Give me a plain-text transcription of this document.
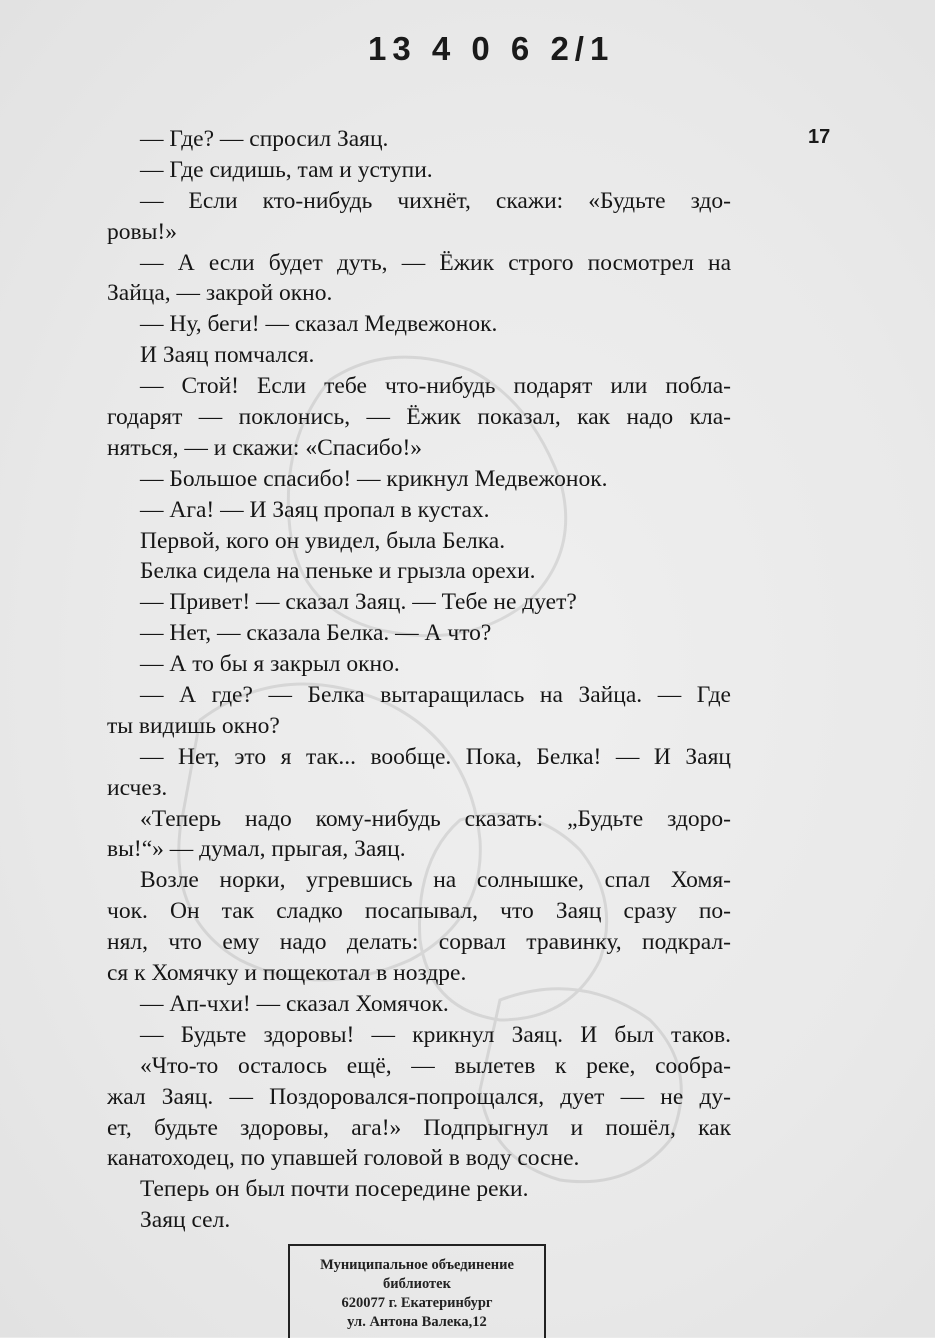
13 4 0 6 2/1
17
— Где? — спросил Заяц.
— Где сидишь, там и уступи.
— Если кто-нибудь чихнёт, скажи: «Будьте здо-
ровы!»
— А если будет дуть, — Ёжик строго посмотрел на
Зайца, — закрой окно.
— Ну, беги! — сказал Медвежонок.
И Заяц помчался.
— Стой! Если тебе что-нибудь подарят или побла-
годарят — поклонись, — Ёжик показал, как надо кла-
няться, — и скажи: «Спасибо!»
— Большое спасибо! — крикнул Медвежонок.
— Ага! — И Заяц пропал в кустах.
Первой, кого он увидел, была Белка.
Белка сидела на пеньке и грызла орехи.
— Привет! — сказал Заяц. — Тебе не дует?
— Нет, — сказала Белка. — А что?
— А то бы я закрыл окно.
— А где? — Белка вытаращилась на Зайца. — Где
ты видишь окно?
— Нет, это я так... вообще. Пока, Белка! — И Заяц
исчез.
«Теперь надо кому-нибудь сказать: „Будьте здоро-
вы!“» — думал, прыгая, Заяц.
Возле норки, угревшись на солнышке, спал Хомя-
чок. Он так сладко посапывал, что Заяц сразу по-
нял, что ему надо делать: сорвал травинку, подкрал-
ся к Хомячку и пощекотал в ноздре.
— Ап-чхи! — сказал Хомячок.
— Будьте здоровы! — крикнул Заяц. И был таков.
«Что-то осталось ещё, — вылетев к реке, сообра-
жал Заяц. — Поздоровался-попрощался, дует — не ду-
ет, будьте здоровы, ага!» Подпрыгнул и пошёл, как
канатоходец, по упавшей головой в воду сосне.
Теперь он был почти посередине реки.
Заяц сел.
Муниципальное объединение
библиотек
620077 г. Екатеринбург
ул. Антона Валека,12
